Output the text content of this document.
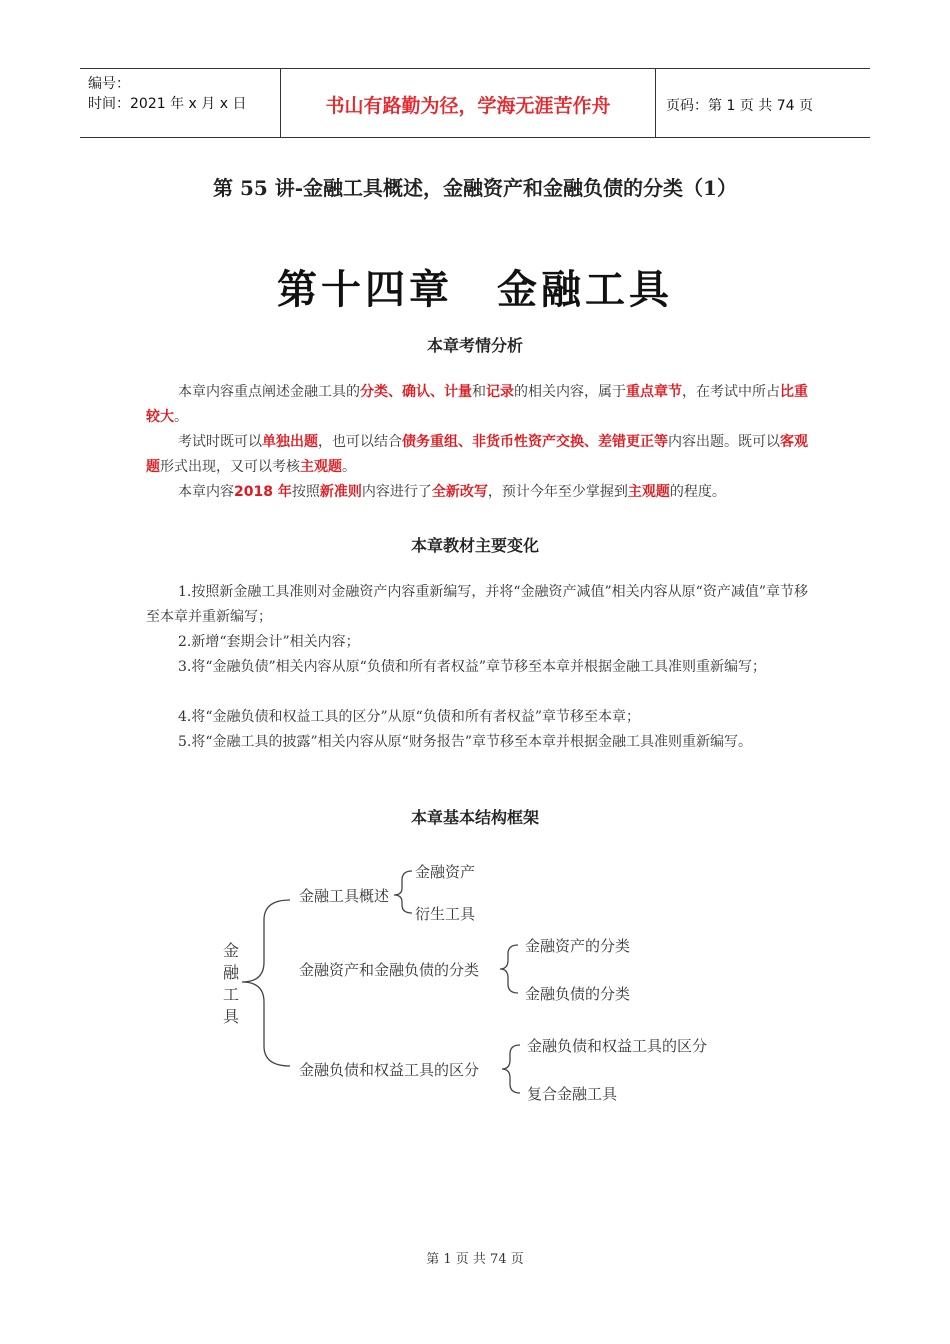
编号：
时间：2021 年 x 月 x 日	书山有路勤为径，学海无涯苦作舟	页码：第 1 页 共 74 页
第 55 讲-金融工具概述，金融资产和金融负债的分类（1）
第十四章　金融工具
本章考情分析

本章内容重点阐述金融工具的分类、确认、计量和记录的相关内容，属于重点章节，在考试中所占比重较大。

考试时既可以单独出题，也可以结合债务重组、非货币性资产交换、差错更正等内容出题。既可以客观题形式出现，又可以考核主观题。

本章内容2018 年按照新准则内容进行了全新改写，预计今年至少掌握到主观题的程度。

本章教材主要变化

1.按照新金融工具准则对金融资产内容重新编写，并将“金融资产减值”相关内容从原“资产减值”章节移至本章并重新编写；

2.新增“套期会计”相关内容；

3.将“金融负债”相关内容从原“负债和所有者权益”章节移至本章并根据金融工具准则重新编写；

4.将“金融负债和权益工具的区分”从原“负债和所有者权益”章节移至本章；

5.将“金融工具的披露”相关内容从原“财务报告”章节移至本章并根据金融工具准则重新编写。

本章基本结构框架
金
融
工
具
金融工具概述
金融资产
衍生工具
金融资产和金融负债的分类
金融资产的分类
金融负债的分类
金融负债和权益工具的区分
金融负债和权益工具的区分
复合金融工具
第 1 页 共 74 页
